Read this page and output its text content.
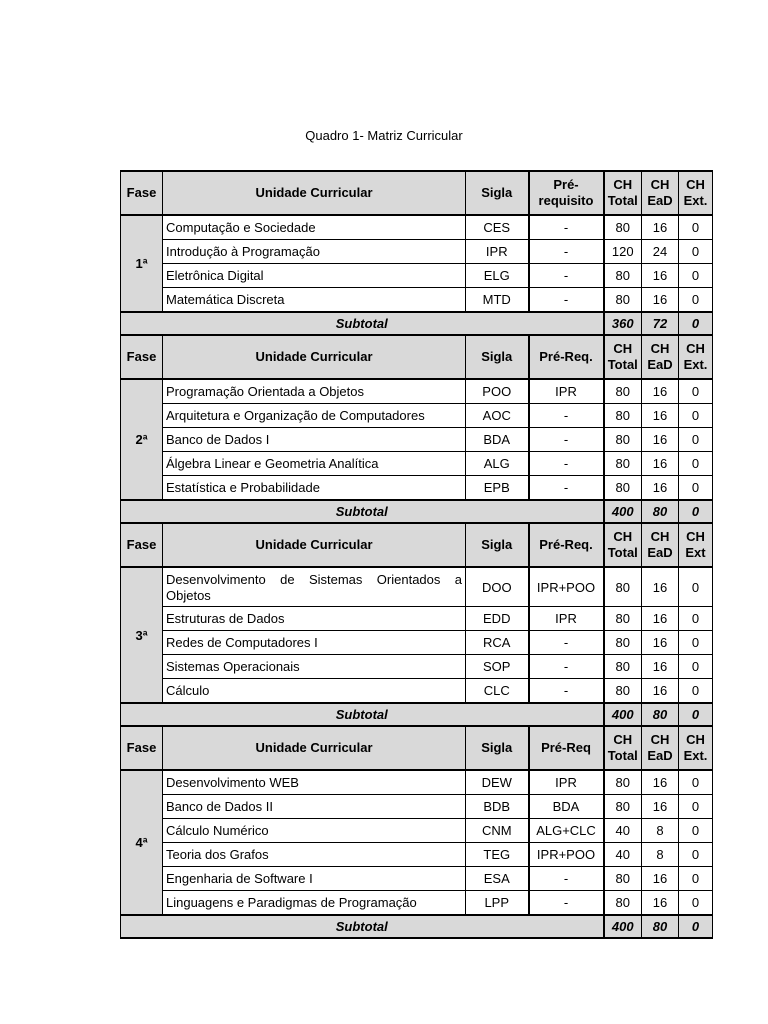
Quadro 1- Matriz Curricular
Fase	Unidade Curricular	Sigla	Pré-requisito	CH Total	CH EaD	CH Ext.
1ª	Computação e Sociedade	CES	-	80	16	0
	Introdução à Programação	IPR	-	120	24	0
	Eletrônica Digital	ELG	-	80	16	0
	Matemática Discreta	MTD	-	80	16	0
Subtotal				360	72	0
Fase	Unidade Curricular	Sigla	Pré-Req.	CH Total	CH EaD	CH Ext.
2ª	Programação Orientada a Objetos	POO	IPR	80	16	0
	Arquitetura e Organização de Computadores	AOC	-	80	16	0
	Banco de Dados I	BDA	-	80	16	0
	Álgebra Linear e Geometria Analítica	ALG	-	80	16	0
	Estatística e Probabilidade	EPB	-	80	16	0
Subtotal				400	80	0
Fase	Unidade Curricular	Sigla	Pré-Req.	CH Total	CH EaD	CH Ext
3ª	Desenvolvimento de Sistemas Orientados a Objetos	DOO	IPR+POO	80	16	0
	Estruturas de Dados	EDD	IPR	80	16	0
	Redes de Computadores I	RCA	-	80	16	0
	Sistemas Operacionais	SOP	-	80	16	0
	Cálculo	CLC	-	80	16	0
Subtotal				400	80	0
Fase	Unidade Curricular	Sigla	Pré-Req	CH Total	CH EaD	CH Ext.
4ª	Desenvolvimento WEB	DEW	IPR	80	16	0
	Banco de Dados II	BDB	BDA	80	16	0
	Cálculo Numérico	CNM	ALG+CLC	40	8	0
	Teoria dos Grafos	TEG	IPR+POO	40	8	0
	Engenharia de Software I	ESA	-	80	16	0
	Linguagens e Paradigmas de Programação	LPP	-	80	16	0
Subtotal				400	80	0
